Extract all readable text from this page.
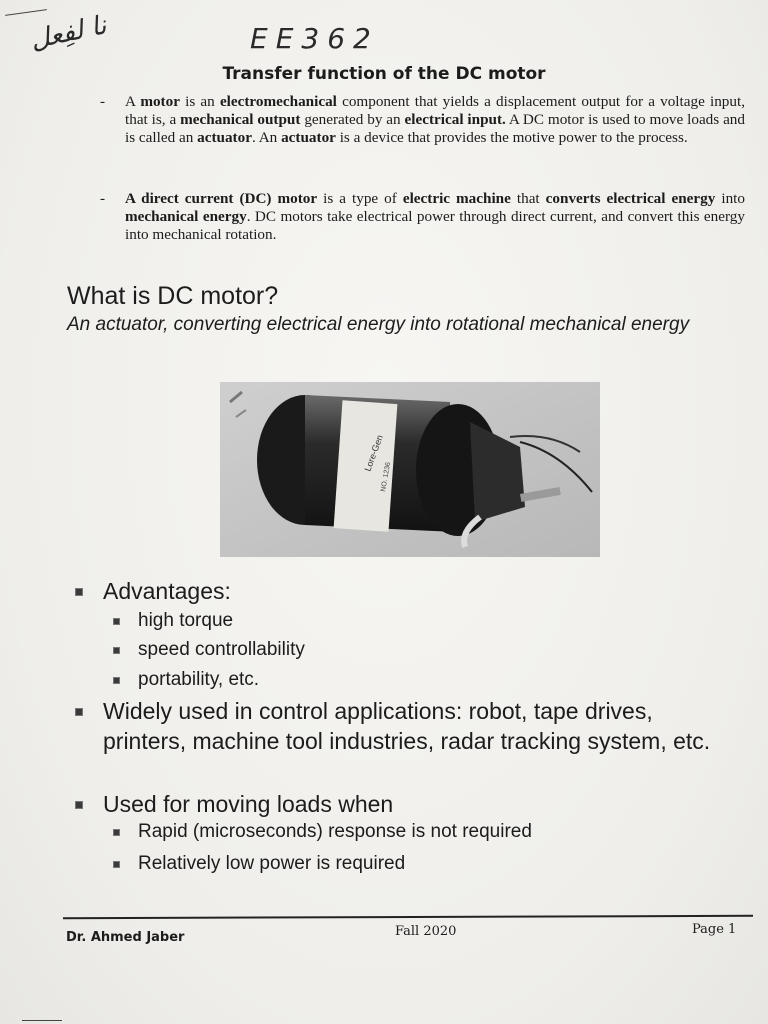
نا لفِعل	EE362
Transfer function of the DC motor
- A motor is an electromechanical component that yields a displacement output for a voltage input, that is, a mechanical output generated by an electrical input. A DC motor is used to move loads and is called an actuator. An actuator is a device that provides the motive power to the process.
- A direct current (DC) motor is a type of electric machine that converts electrical energy into mechanical energy. DC motors take electrical power through direct current, and convert this energy into mechanical rotation.
What is DC motor?
An actuator, converting electrical energy into rotational mechanical energy
Lore-Gen
NO. 1236
Advantages:
high torque
speed controllability
portability, etc.
Widely used in control applications: robot, tape drives, printers, machine tool industries, radar tracking system, etc.
Used for moving loads when
Rapid (microseconds) response is not required
Relatively low power is required
Dr. Ahmed Jaber	Fall 2020	Page 1
